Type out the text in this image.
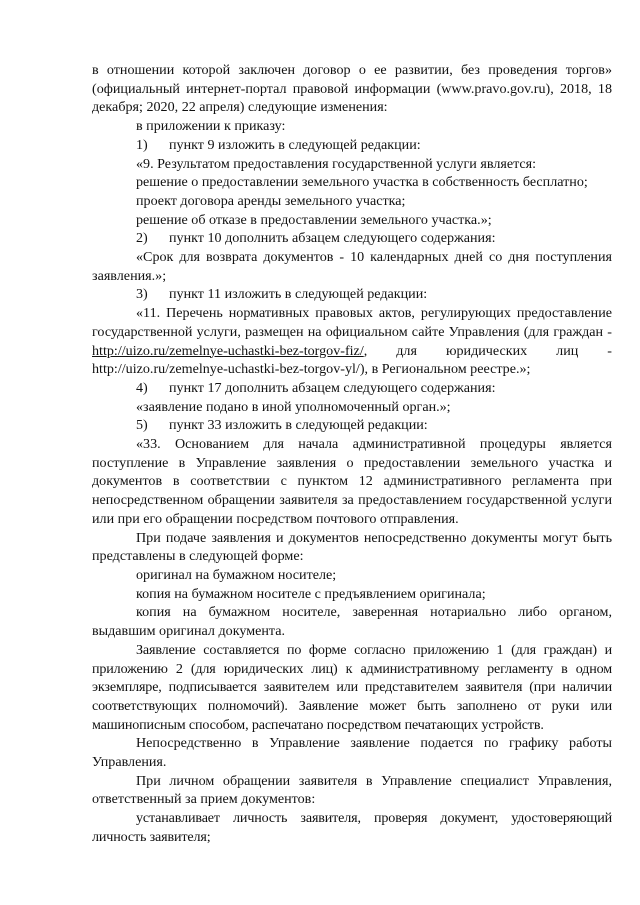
в отношении которой заключен договор о ее развитии, без проведения торгов» (официальный интернет-портал правовой информации (www.pravo.gov.ru), 2018, 18 декабря; 2020, 22 апреля) следующие изменения:

в приложении к приказу:

1) пункт 9 изложить в следующей редакции:

«9. Результатом предоставления государственной услуги является:

решение о предоставлении земельного участка в собственность бесплатно;

проект договора аренды земельного участка;

решение об отказе в предоставлении земельного участка.»;

2) пункт 10 дополнить абзацем следующего содержания:

«Срок для возврата документов - 10 календарных дней со дня поступления заявления.»;

3) пункт 11 изложить в следующей редакции:

«11. Перечень нормативных правовых актов, регулирующих предоставление государственной услуги, размещен на официальном сайте Управления (для граждан - http://uizo.ru/zemelnye-uchastki-bez-torgov-fiz/, для юридических лиц - http://uizo.ru/zemelnye-uchastki-bez-torgov-yl/), в Региональном реестре.»;

4) пункт 17 дополнить абзацем следующего содержания:

«заявление подано в иной уполномоченный орган.»;

5) пункт 33 изложить в следующей редакции:

«33. Основанием для начала административной процедуры является поступление в Управление заявления о предоставлении земельного участка и документов в соответствии с пунктом 12 административного регламента при непосредственном обращении заявителя за предоставлением государственной услуги или при его обращении посредством почтового отправления.

При подаче заявления и документов непосредственно документы могут быть представлены в следующей форме:

оригинал на бумажном носителе;

копия на бумажном носителе с предъявлением оригинала;

копия на бумажном носителе, заверенная нотариально либо органом, выдавшим оригинал документа.

Заявление составляется по форме согласно приложению 1 (для граждан) и приложению 2 (для юридических лиц) к административному регламенту в одном экземпляре, подписывается заявителем или представителем заявителя (при наличии соответствующих полномочий). Заявление может быть заполнено от руки или машинописным способом, распечатано посредством печатающих устройств.

Непосредственно в Управление заявление подается по графику работы Управления.

При личном обращении заявителя в Управление специалист Управления, ответственный за прием документов:

устанавливает личность заявителя, проверяя документ, удостоверяющий личность заявителя;
